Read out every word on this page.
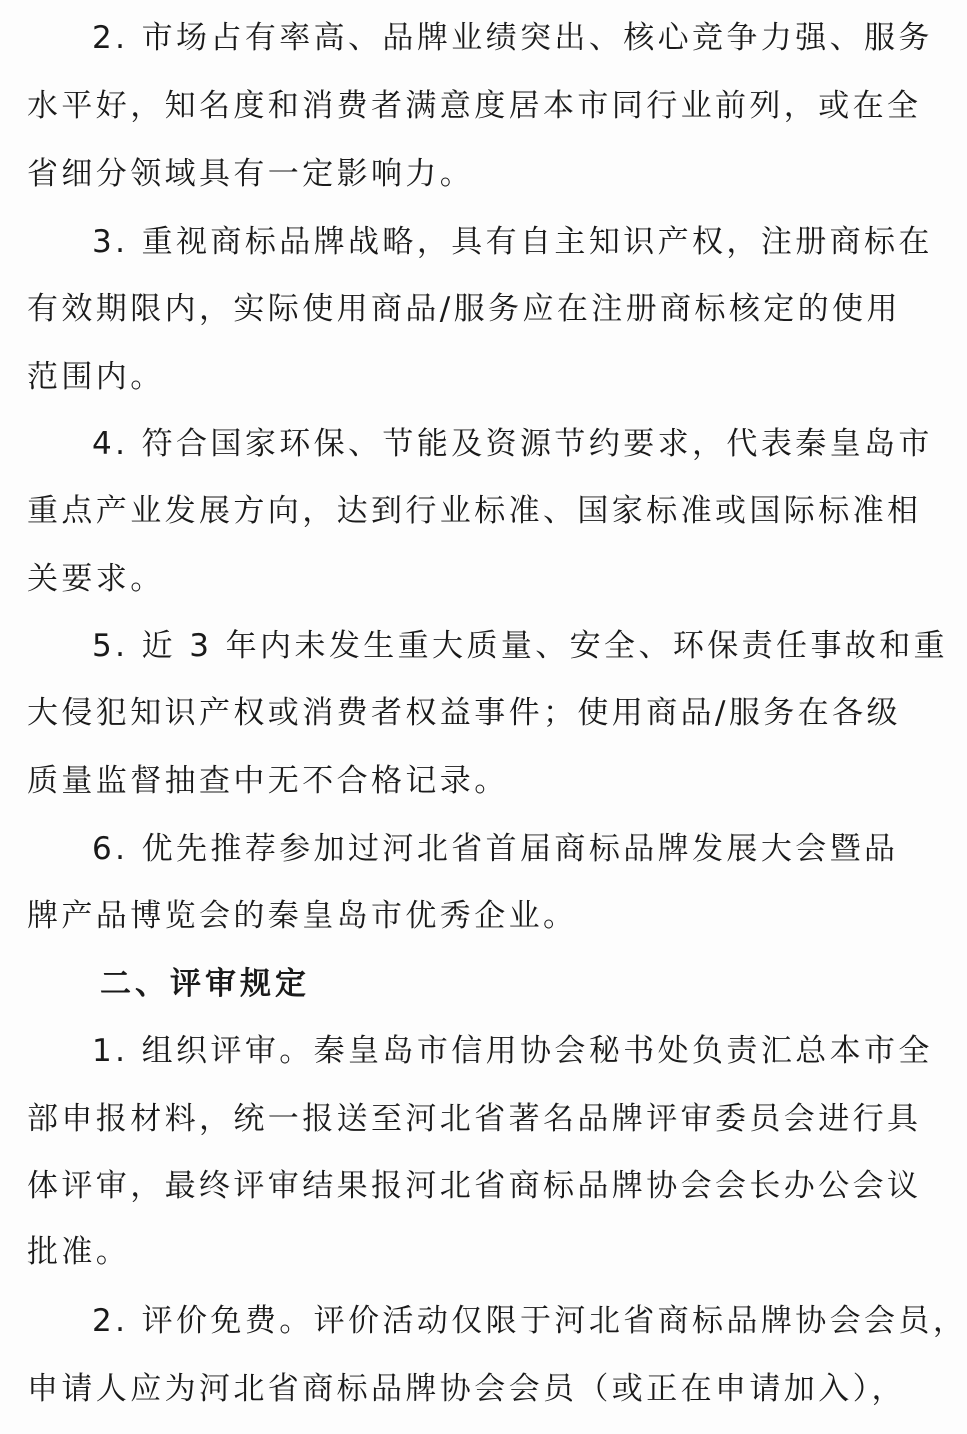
2. 市场占有率高、品牌业绩突出、核心竞争力强、服务
水平好，知名度和消费者满意度居本市同行业前列，或在全
省细分领域具有一定影响力。
3. 重视商标品牌战略，具有自主知识产权，注册商标在
有效期限内，实际使用商品/服务应在注册商标核定的使用
范围内。
4. 符合国家环保、节能及资源节约要求，代表秦皇岛市
重点产业发展方向，达到行业标准、国家标准或国际标准相
关要求。
5. 近 3 年内未发生重大质量、安全、环保责任事故和重
大侵犯知识产权或消费者权益事件；使用商品/服务在各级
质量监督抽查中无不合格记录。
6. 优先推荐参加过河北省首届商标品牌发展大会暨品
牌产品博览会的秦皇岛市优秀企业。
二、评审规定
1. 组织评审。秦皇岛市信用协会秘书处负责汇总本市全
部申报材料，统一报送至河北省著名品牌评审委员会进行具
体评审，最终评审结果报河北省商标品牌协会会长办公会议
批准。
2. 评价免费。评价活动仅限于河北省商标品牌协会会员，
申请人应为河北省商标品牌协会会员（或正在申请加入），
